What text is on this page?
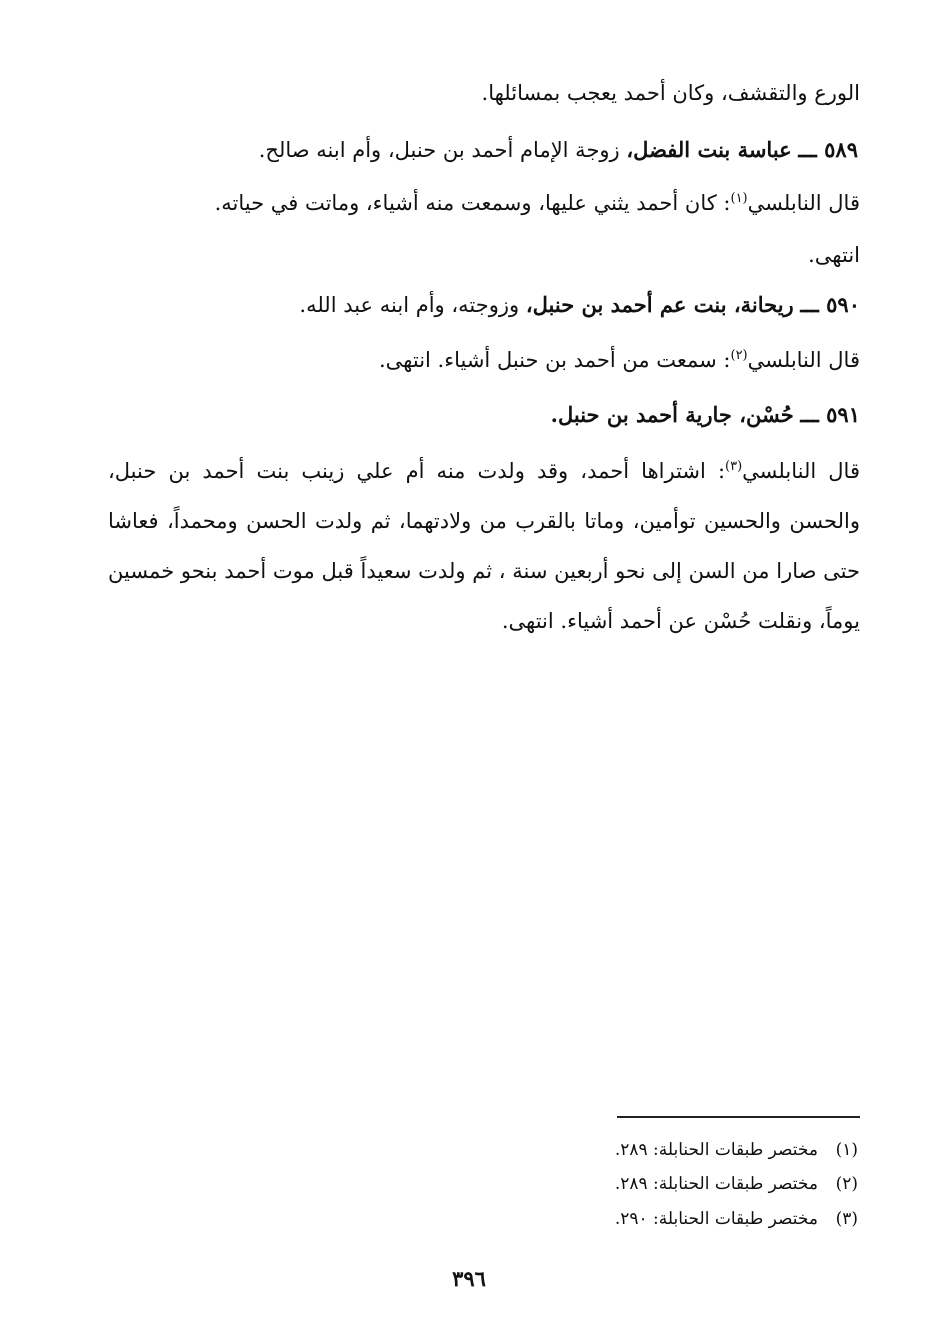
الورع والتقشف، وكان أحمد يعجب بمسائلها.
٥٨٩ ـــ عباسة بنت الفضل، زوجة الإمام أحمد بن حنبل، وأم ابنه صالح.
قال النابلسي$^{(١)}$: كان أحمد يثني عليها، وسمعت منه أشياء، وماتت في حياته.
انتهى.
٥٩٠ ـــ ريحانة، بنت عم أحمد بن حنبل، وزوجته، وأم ابنه عبد الله.
قال النابلسي$^{(٢)}$: سمعت من أحمد بن حنبل أشياء. انتهى.
٥٩١ ـــ حُسْن، جارية أحمد بن حنبل.
قال النابلسي$^{(٣)}$: اشتراها أحمد، وقد ولدت منه أم علي زينب بنت أحمد بن حنبل، والحسن والحسين توأمين، وماتا بالقرب من ولادتهما، ثم ولدت الحسن ومحمداً، فعاشا حتى صارا من السن إلى نحو أربعين سنة ، ثم ولدت سعيداً قبل موت أحمد بنحو خمسين يوماً، ونقلت حُسْن عن أحمد أشياء. انتهى.
(١)مختصر طبقات الحنابلة: ٢٨٩.
(٢)مختصر طبقات الحنابلة: ٢٨٩.
(٣)مختصر طبقات الحنابلة: ٢٩٠.
٣٩٦
